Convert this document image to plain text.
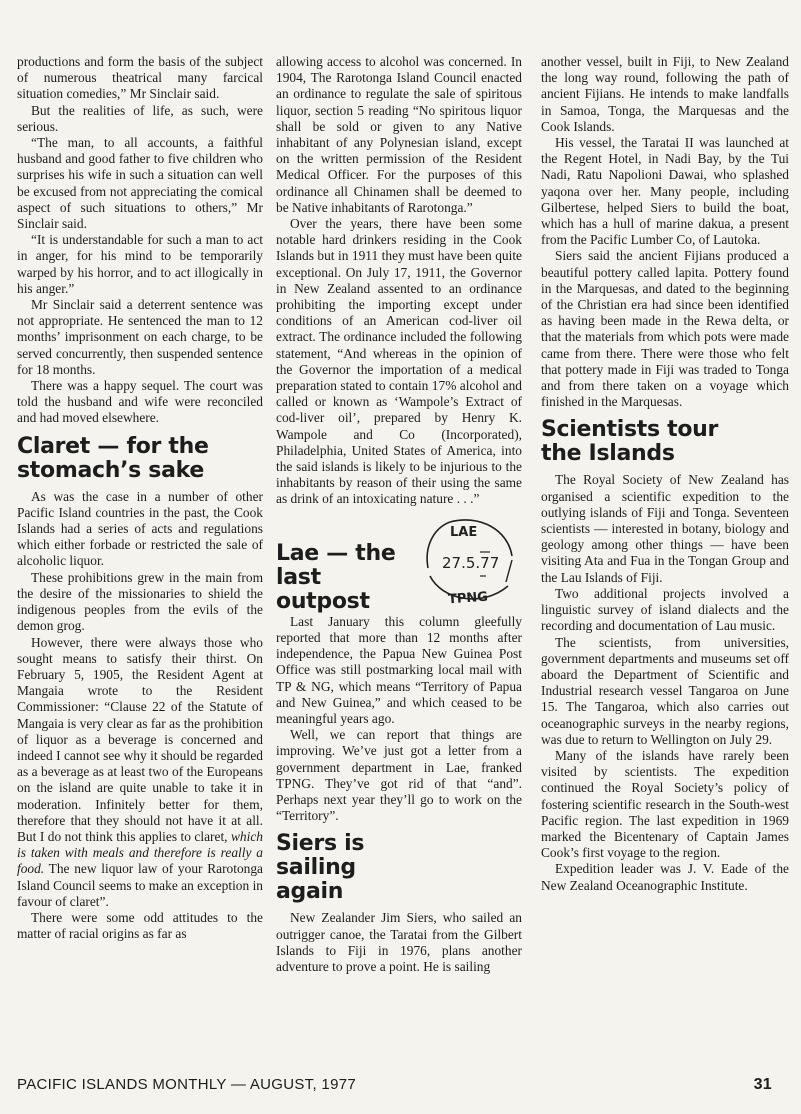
productions and form the basis of the subject of numerous theatrical many farcical situation comedies,” Mr Sinclair said.

But the realities of life, as such, were serious.

“The man, to all accounts, a faithful husband and good father to five children who surprises his wife in such a situation can well be excused from not appreciating the comical aspect of such situations to others,” Mr Sinclair said.

“It is understandable for such a man to act in anger, for his mind to be temporarily warped by his horror, and to act illogically in his anger.”

Mr Sinclair said a deterrent sentence was not appropriate. He sentenced the man to 12 months’ imprisonment on each charge, to be served concurrently, then suspended sentence for 18 months.

There was a happy sequel. The court was told the husband and wife were reconciled and had moved elsewhere.

Claret — for the stomach’s sake

As was the case in a number of other Pacific Island countries in the past, the Cook Islands had a series of acts and regulations which either forbade or restricted the sale of alcoholic liquor.

These prohibitions grew in the main from the desire of the missionaries to shield the indigenous peoples from the evils of the demon grog.

However, there were always those who sought means to satisfy their thirst. On February 5, 1905, the Resident Agent at Mangaia wrote to the Resident Commissioner: “Clause 22 of the Statute of Mangaia is very clear as far as the prohibition of liquor as a beverage is concerned and indeed I cannot see why it should be regarded as a beverage as at least two of the Europeans on the island are quite unable to take it in moderation. Infinitely better for them, therefore that they should not have it at all. But I do not think this applies to claret, which is taken with meals and therefore is really a food. The new liquor law of your Rarotonga Island Council seems to make an exception in favour of claret”.

There were some odd attitudes to the matter of racial origins as far as

allowing access to alcohol was concerned. In 1904, The Rarotonga Island Council enacted an ordinance to regulate the sale of spiritous liquor, section 5 reading “No spiritous liquor shall be sold or given to any Native inhabitant of any Polynesian island, except on the written permission of the Resident Medical Officer. For the purposes of this ordinance all Chinamen shall be deemed to be Native inhabitants of Rarotonga.”

Over the years, there have been some notable hard drinkers residing in the Cook Islands but in 1911 they must have been quite exceptional. On July 17, 1911, the Governor in New Zealand assented to an ordinance prohibiting the importing except under conditions of an American cod-liver oil extract. The ordinance included the following statement, “And whereas in the opinion of the Governor the importation of a medical preparation stated to contain 17% alcohol and called or known as ‘Wampole’s Extract of cod-liver oil’, prepared by Henry K. Wampole and Co (Incorporated), Philadelphia, United States of America, into the said islands is likely to be injurious to the inhabitants by reason of their using the same as drink of an intoxicating nature . . .”

Lae — the last outpost
LAE
TPNG
27.5.77

Last January this column gleefully reported that more than 12 months after independence, the Papua New Guinea Post Office was still postmarking local mail with TP & NG, which means “Territory of Papua and New Guinea,” and which ceased to be meaningful years ago.

Well, we can report that things are improving. We’ve just got a letter from a government department in Lae, franked TPNG. They’ve got rid of that “and”. Perhaps next year they’ll go to work on the “Territory”.

Siers is sailing again

New Zealander Jim Siers, who sailed an outrigger canoe, the Taratai from the Gilbert Islands to Fiji in 1976, plans another adventure to prove a point. He is sailing

another vessel, built in Fiji, to New Zealand the long way round, following the path of ancient Fijians. He intends to make landfalls in Samoa, Tonga, the Marquesas and the Cook Islands.

His vessel, the Taratai II was launched at the Regent Hotel, in Nadi Bay, by the Tui Nadi, Ratu Napolioni Dawai, who splashed yaqona over her. Many people, including Gilbertese, helped Siers to build the boat, which has a hull of marine dakua, a present from the Pacific Lumber Co, of Lautoka.

Siers said the ancient Fijians produced a beautiful pottery called lapita. Pottery found in the Marquesas, and dated to the beginning of the Christian era had since been identified as having been made in the Rewa delta, or that the materials from which pots were made came from there. There were those who felt that pottery made in Fiji was traded to Tonga and from there taken on a voyage which finished in the Marquesas.

Scientists tour the Islands

The Royal Society of New Zealand has organised a scientific expedition to the outlying islands of Fiji and Tonga. Seventeen scientists — interested in botany, biology and geology among other things — have been visiting Ata and Fua in the Tongan Group and the Lau Islands of Fiji.

Two additional projects involved a linguistic survey of island dialects and the recording and documentation of Lau music.

The scientists, from universities, government departments and museums set off aboard the Department of Scientific and Industrial research vessel Tangaroa on June 15. The Tangaroa, which also carries out oceanographic surveys in the nearby regions, was due to return to Wellington on July 29.

Many of the islands have rarely been visited by scientists. The expedition continued the Royal Society’s policy of fostering scientific research in the South-west Pacific region. The last expedition in 1969 marked the Bicentenary of Captain James Cook’s first voyage to the region.

Expedition leader was J. V. Eade of the New Zealand Oceanographic Institute.

PACIFIC ISLANDS MONTHLY — AUGUST, 1977	31
